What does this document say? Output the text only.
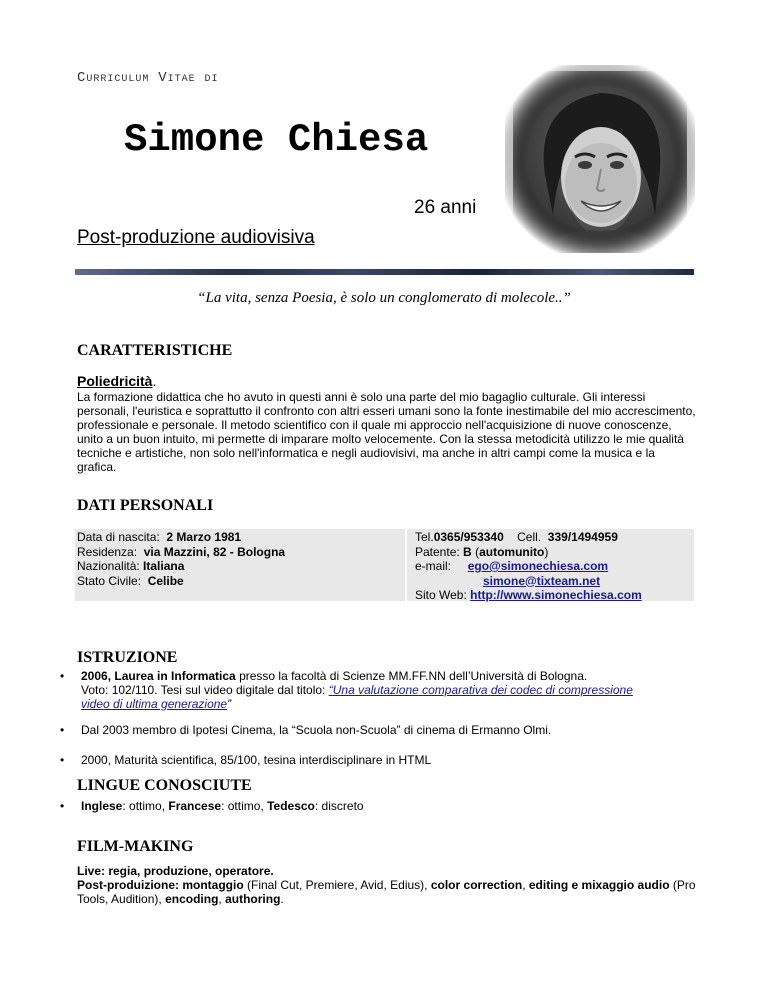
CURRICULUM VITAE DI
Simone Chiesa
26 anni
Post-produzione audiovisiva
“La vita, senza Poesia, è solo un conglomerato di molecole..”
CARATTERISTICHE
Poliedricità.
La formazione didattica che ho avuto in questi anni è solo una parte del mio bagaglio culturale. Gli interessi personali, l'euristica e soprattutto il confronto con altri esseri umani sono la fonte inestimabile del mio accrescimento, professionale e personale. Il metodo scientifico con il quale mi approccio nell'acquisizione di nuove conoscenze, unito a un buon intuito, mi permette di imparare molto velocemente. Con la stessa metodicità utilizzo le mie qualità tecniche e artistiche, non solo nell'informatica e negli audiovisivi, ma anche in altri campi come la musica e la grafica.
DATI PERSONALI
Data di nascita: 2 Marzo 1981
Residenza: via Mazzini, 82 - Bologna
Nazionalità: Italiana
Stato Civile: Celibe
Tel.0365/953340 Cell. 339/1494959
Patente: B (automunito)
e-mail: ego@simonechiesa.com
simone@tixteam.net
Sito Web: http://www.simonechiesa.com
ISTRUZIONE
• 2006, Laurea in Informatica presso la facoltà di Scienze MM.FF.NN dell’Università di Bologna.
Voto: 102/110. Tesi sul video digitale dal titolo: “Una valutazione comparativa dei codec di compressione
video di ultima generazione”
• Dal 2003 membro di Ipotesi Cinema, la “Scuola non-Scuola” di cinema di Ermanno Olmi.
• 2000, Maturità scientifica, 85/100, tesina interdisciplinare in HTML
LINGUE CONOSCIUTE
• Inglese: ottimo, Francese: ottimo, Tedesco: discreto
FILM-MAKING
Live: regia, produzione, operatore.
Post-produizione: montaggio (Final Cut, Premiere, Avid, Edius), color correction, editing e mixaggio audio (Pro Tools, Audition), encoding, authoring.
